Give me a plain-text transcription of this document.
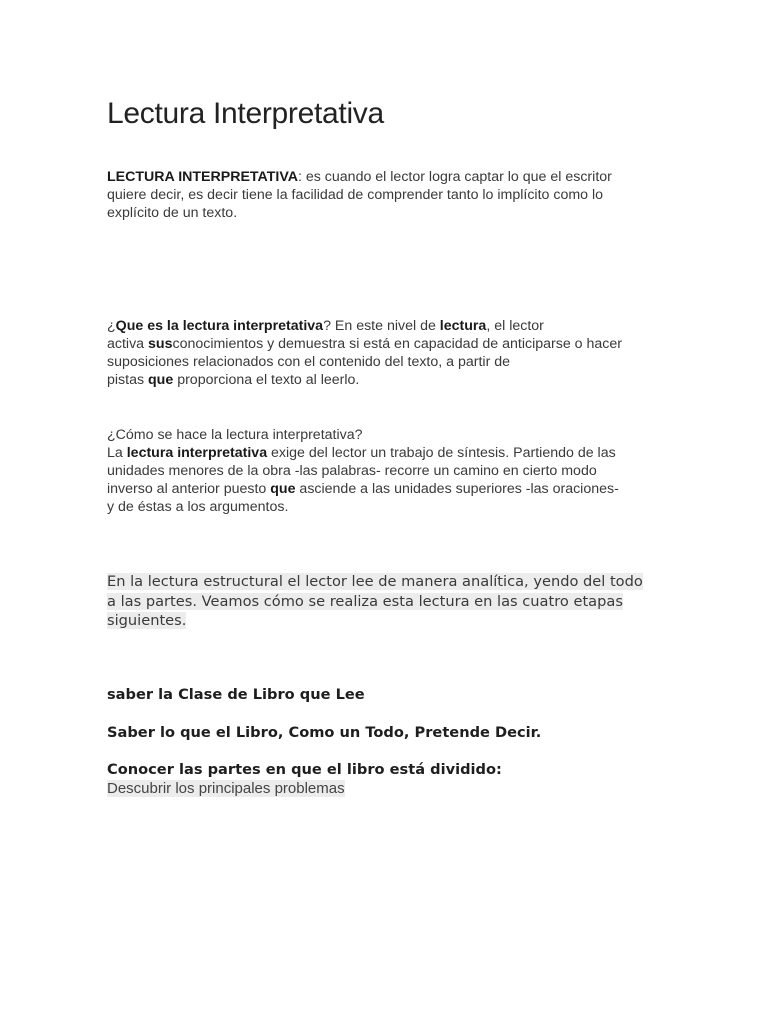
Lectura Interpretativa

LECTURA INTERPRETATIVA: es cuando el lector logra captar lo que el escritor
quiere decir, es decir tiene la facilidad de comprender tanto lo implícito como lo
explícito de un texto.

¿Que es la lectura interpretativa? En este nivel de lectura, el lector
activa susconocimientos y demuestra si está en capacidad de anticiparse o hacer
suposiciones relacionados con el contenido del texto, a partir de
pistas que proporciona el texto al leerlo.

¿Cómo se hace la lectura interpretativa?
La lectura interpretativa exige del lector un trabajo de síntesis. Partiendo de las
unidades menores de la obra -las palabras- recorre un camino en cierto modo
inverso al anterior puesto que asciende a las unidades superiores -las oraciones-
y de éstas a los argumentos.

En la lectura estructural el lector lee de manera analítica, yendo del todo
a las partes. Veamos cómo se realiza esta lectura en las cuatro etapas
siguientes.

saber la Clase de Libro que Lee

Saber lo que el Libro, Como un Todo, Pretende Decir.

Conocer las partes en que el libro está dividido:

Descubrir los principales problemas
